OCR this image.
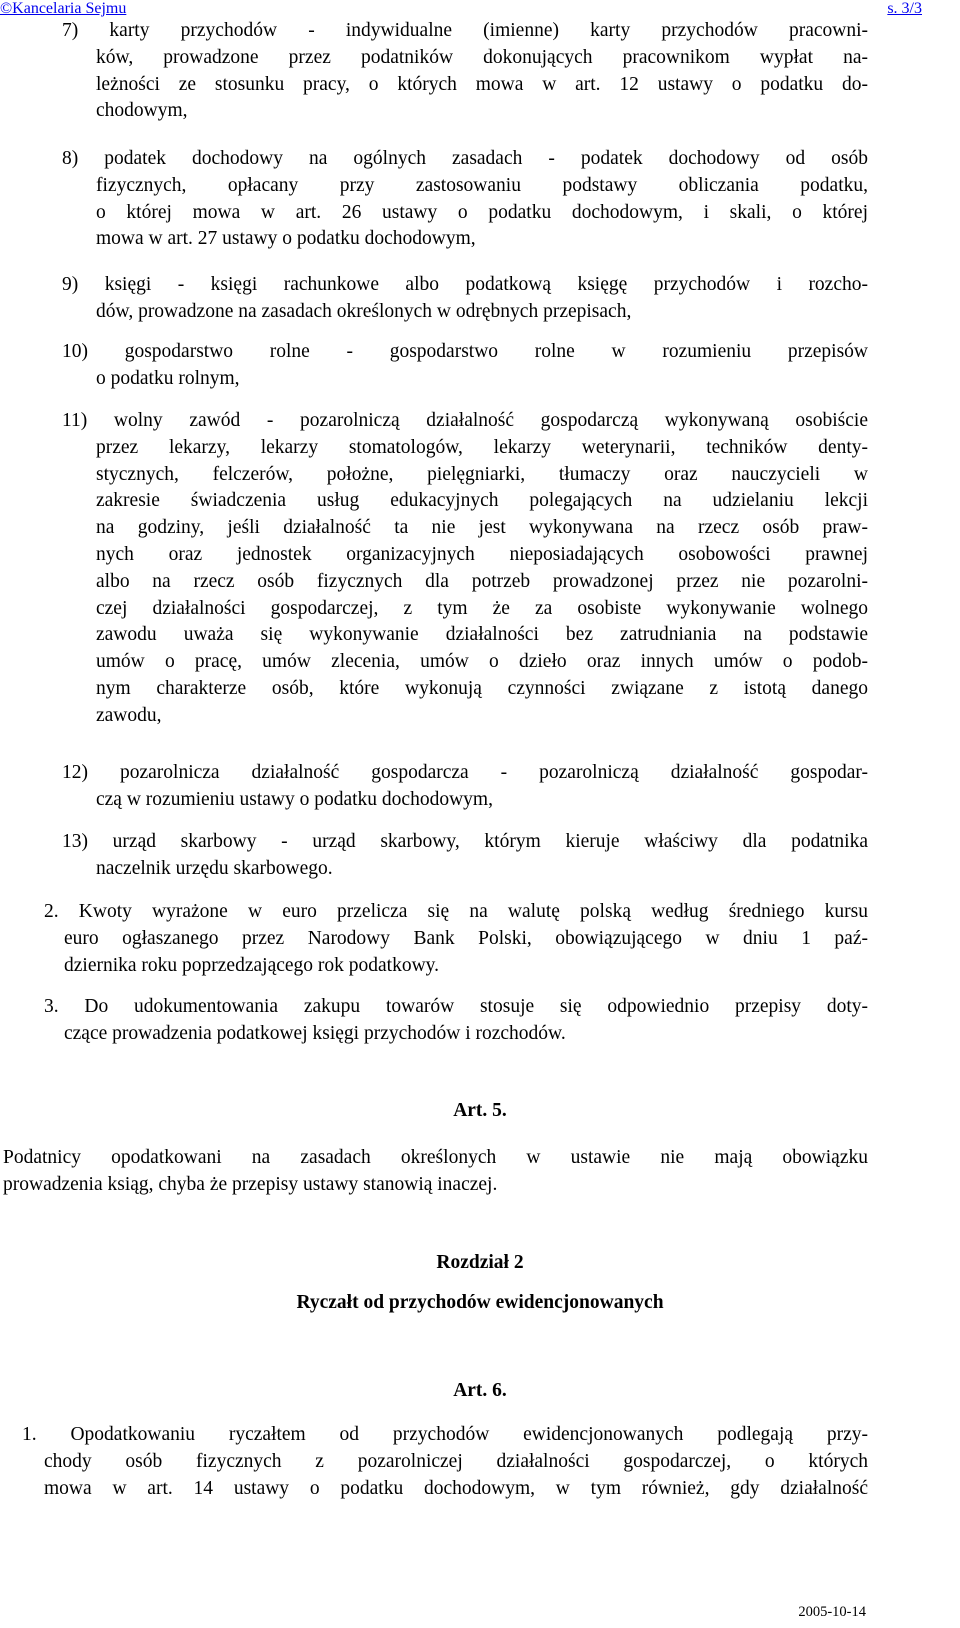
©Kancelaria Sejmu	s. 3/3
7) karty przychodów - indywidualne (imienne) karty przychodów pracowni-
ków, prowadzone przez podatników dokonujących pracownikom wypłat na-
leżności ze stosunku pracy, o których mowa w art. 12 ustawy o podatku do-
chodowym,
8) podatek dochodowy na ogólnych zasadach - podatek dochodowy od osób
fizycznych, opłacany przy zastosowaniu podstawy obliczania podatku,
o której mowa w art. 26 ustawy o podatku dochodowym, i skali, o której
mowa w art. 27 ustawy o podatku dochodowym,
9) księgi - księgi rachunkowe albo podatkową księgę przychodów i rozcho-
dów, prowadzone na zasadach określonych w odrębnych przepisach,
10) gospodarstwo rolne - gospodarstwo rolne w rozumieniu przepisów
o podatku rolnym,
11) wolny zawód - pozarolniczą działalność gospodarczą wykonywaną osobiście
przez lekarzy, lekarzy stomatologów, lekarzy weterynarii, techników denty-
stycznych, felczerów, położne, pielęgniarki, tłumaczy oraz nauczycieli w
zakresie świadczenia usług edukacyjnych polegających na udzielaniu lekcji
na godziny, jeśli działalność ta nie jest wykonywana na rzecz osób praw-
nych oraz jednostek organizacyjnych nieposiadających osobowości prawnej
albo na rzecz osób fizycznych dla potrzeb prowadzonej przez nie pozarolni-
czej działalności gospodarczej, z tym że za osobiste wykonywanie wolnego
zawodu uważa się wykonywanie działalności bez zatrudniania na podstawie
umów o pracę, umów zlecenia, umów o dzieło oraz innych umów o podob-
nym charakterze osób, które wykonują czynności związane z istotą danego
zawodu,
12) pozarolnicza działalność gospodarcza - pozarolniczą działalność gospodar-
czą w rozumieniu ustawy o podatku dochodowym,
13) urząd skarbowy - urząd skarbowy, którym kieruje właściwy dla podatnika
naczelnik urzędu skarbowego.
2. Kwoty wyrażone w euro przelicza się na walutę polską według średniego kursu
euro ogłaszanego przez Narodowy Bank Polski, obowiązującego w dniu 1 paź-
dziernika roku poprzedzającego rok podatkowy.
3. Do udokumentowania zakupu towarów stosuje się odpowiednio przepisy doty-
czące prowadzenia podatkowej księgi przychodów i rozchodów.
Art. 5.
Podatnicy opodatkowani na zasadach określonych w ustawie nie mają obowiązku
prowadzenia ksiąg, chyba że przepisy ustawy stanowią inaczej.
Rozdział 2
Ryczałt od przychodów ewidencjonowanych
Art. 6.
1. Opodatkowaniu ryczałtem od przychodów ewidencjonowanych podlegają przy-
chody osób fizycznych z pozarolniczej działalności gospodarczej, o których
mowa w art. 14 ustawy o podatku dochodowym, w tym również, gdy działalność
2005-10-14
